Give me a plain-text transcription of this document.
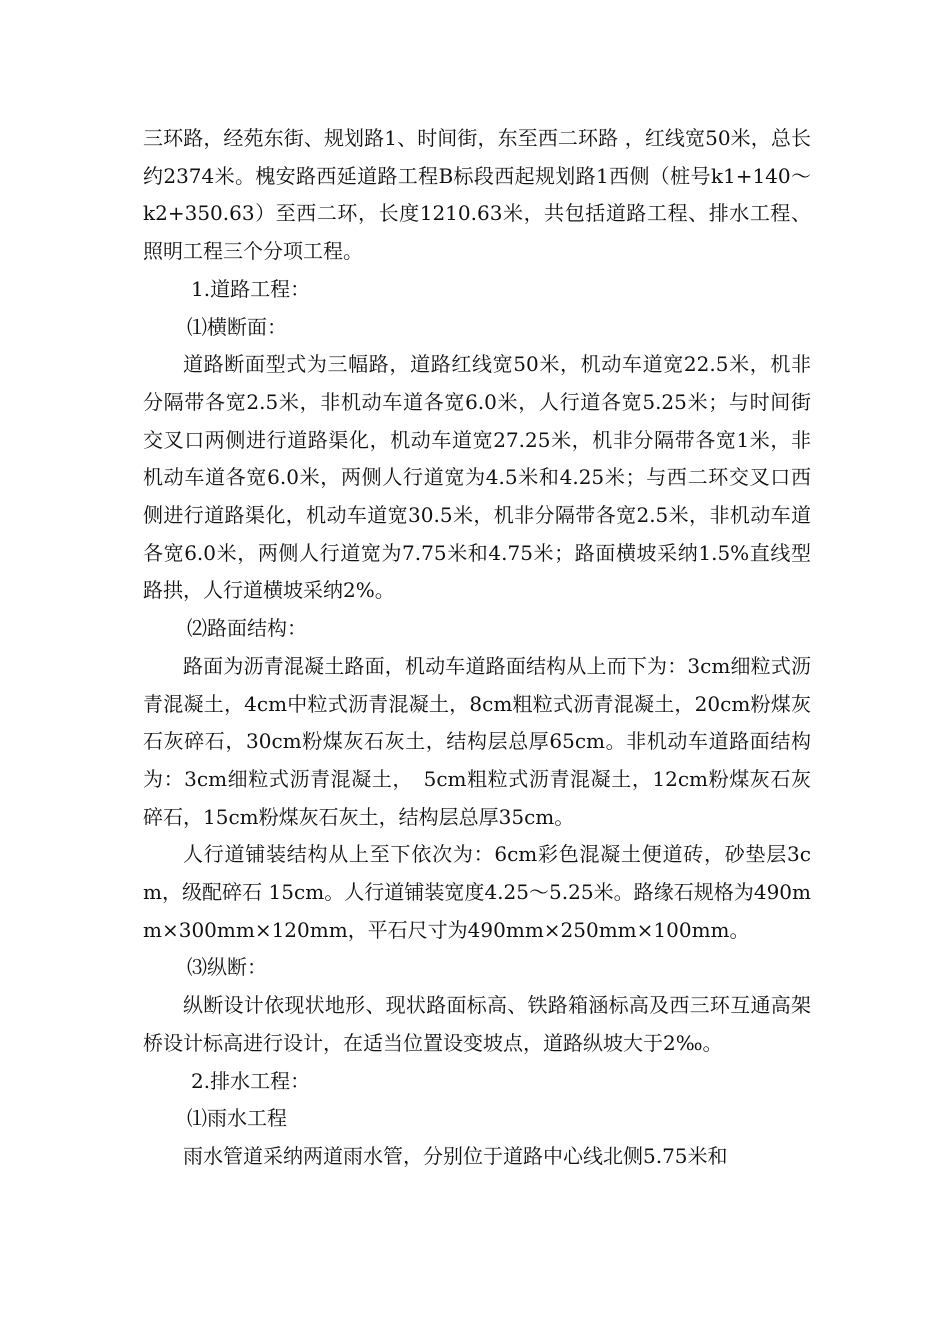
三环路，经苑东街、规划路1、时间街，东至西二环路 ，红线宽50米，总长约2374米。槐安路西延道路工程B标段西起规划路1西侧（桩号k1+140～k2+350.63）至西二环，长度1210.63米，共包括道路工程、排水工程、照明工程三个分项工程。

1.道路工程：

⑴横断面：

道路断面型式为三幅路，道路红线宽50米，机动车道宽22.5米，机非分隔带各宽2.5米，非机动车道各宽6.0米，人行道各宽5.25米；与时间街交叉口两侧进行道路渠化，机动车道宽27.25米，机非分隔带各宽1米，非机动车道各宽6.0米，两侧人行道宽为4.5米和4.25米；与西二环交叉口西侧进行道路渠化，机动车道宽30.5米，机非分隔带各宽2.5米，非机动车道各宽6.0米，两侧人行道宽为7.75米和4.75米；路面横坡采纳1.5%直线型路拱，人行道横坡采纳2%。

⑵路面结构：

路面为沥青混凝土路面，机动车道路面结构从上而下为：3cm细粒式沥青混凝土，4cm中粒式沥青混凝土，8cm粗粒式沥青混凝土，20cm粉煤灰石灰碎石，30cm粉煤灰石灰土，结构层总厚65cm。非机动车道路面结构为：3cm细粒式沥青混凝土，　5cm粗粒式沥青混凝土，12cm粉煤灰石灰碎石，15cm粉煤灰石灰土，结构层总厚35cm。

人行道铺装结构从上至下依次为：6cm彩色混凝土便道砖，砂垫层3cm，级配碎石 15cm。人行道铺装宽度4.25～5.25米。路缘石规格为490mm×300mm×120mm，平石尺寸为490mm×250mm×100mm。

⑶纵断：

纵断设计依现状地形、现状路面标高、铁路箱涵标高及西三环互通高架桥设计标高进行设计，在适当位置设变坡点，道路纵坡大于2‰。

2.排水工程：

⑴雨水工程

雨水管道采纳两道雨水管，分别位于道路中心线北侧5.75米和
